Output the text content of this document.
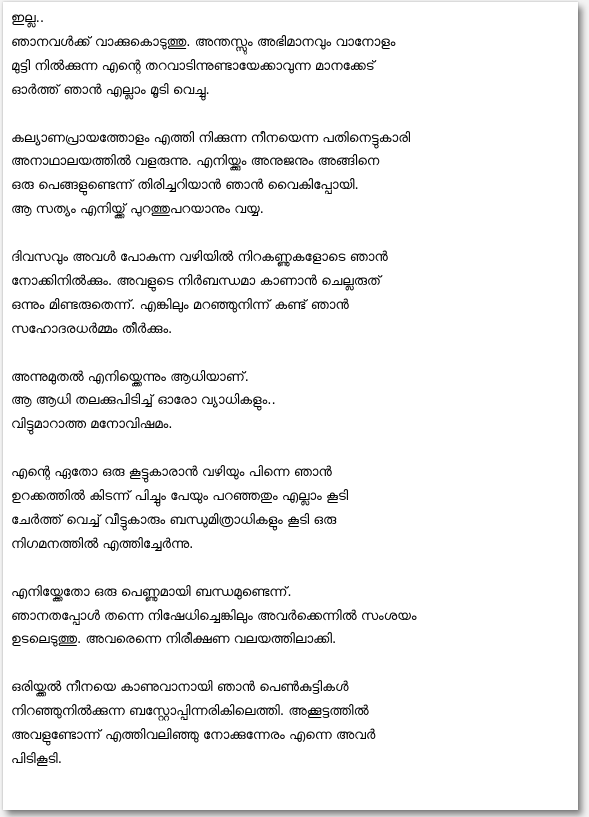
ഇല്ല..
ഞാനവൾക്ക് വാക്കുകൊടുത്തു. അന്തസ്സും അഭിമാനവും വാനോളം
മുട്ടി നിൽക്കുന്ന എന്റെ തറവാടിന്നുണ്ടായേക്കാവുന്ന മാനക്കേട്
ഓർത്ത് ഞാൻ എല്ലാം മൂടി വെച്ചു.
കല്യാണപ്രായത്തോളം എത്തി നിക്കുന്ന നീനയെന്ന പതിനെട്ടുകാരി
അനാഥാലയത്തിൽ വളരുന്നു. എനിയ്ക്കും അനുജനും അങ്ങിനെ
ഒരു പെങ്ങളുണ്ടെന്ന് തിരിച്ചറിയാൻ ഞാൻ വൈകിപ്പോയി.
ആ സത്യം എനിയ്ക്ക് പുറത്തുപറയാനും വയ്യ.
ദിവസവും അവൾ പോകുന്ന വഴിയിൽ നിറകണ്ണുകളോടെ ഞാൻ
നോക്കിനിൽക്കും. അവളുടെ നിർബന്ധമാ കാണാൻ ചെല്ലരുത്
ഒന്നും മിണ്ടരുതെന്ന്. എങ്കിലും മറഞ്ഞുനിന്ന് കണ്ട് ഞാൻ
സഹോദരധർമ്മം തീർക്കും.
അന്നുമുതൽ എനിയ്ക്കെന്നും ആധിയാണ്.
ആ ആധി തലക്കുപിടിച്ച് ഓരോ വ്യാധികളും..
വിട്ടുമാറാത്ത മനോവിഷമം.
എന്റെ ഏതോ ഒരു കൂട്ടുകാരാൻ വഴിയും പിന്നെ ഞാൻ
ഉറക്കത്തിൽ കിടന്ന് പിച്ചും പേയും പറഞ്ഞതും എല്ലാം കൂടി
ചേർത്ത് വെച്ച് വീട്ടുകാരും ബന്ധുമിത്രാധികളും കൂടി ഒരു
നിഗമനത്തിൽ എത്തിച്ചേർന്നു.
എനിയ്ക്കേതോ ഒരു പെണ്ണുമായി ബന്ധമുണ്ടെന്ന്.
ഞാനതപ്പോൾ തന്നെ നിഷേധിച്ചെങ്കിലും അവർക്കെന്നിൽ സംശയം
ഉടലെടുത്തു. അവരെന്നെ നിരീക്ഷണ വലയത്തിലാക്കി.
ഒരിയ്ക്കൽ നീനയെ കാണുവാനായി ഞാൻ പെൺകുട്ടികൾ
നിറഞ്ഞുനിൽക്കുന്ന ബസ്റ്റോപ്പിന്നരികിലെത്തി. അക്കൂട്ടത്തിൽ
അവളുണ്ടോന്ന് എത്തിവലിഞ്ഞു നോക്കുന്നേരം എന്നെ അവർ
പിടികൂടി.
